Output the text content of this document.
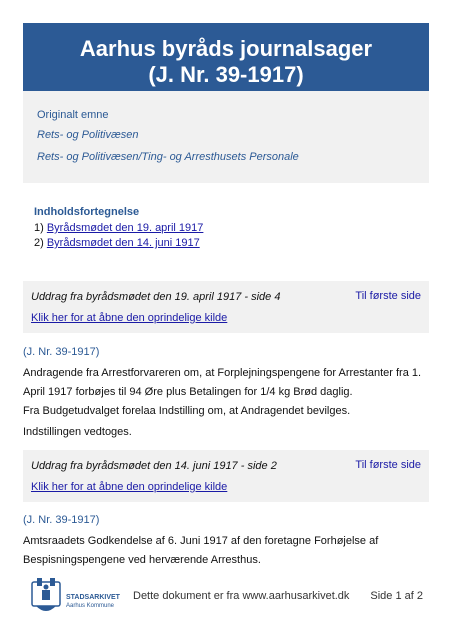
Aarhus byråds journalsager
(J. Nr. 39-1917)
Originalt emne
Rets- og Politivæsen
Rets- og Politivæsen/Ting- og Arresthusets Personale
Indholdsfortegnelse
1) Byrådsmødet den 19. april 1917
2) Byrådsmødet den 14. juni 1917
Uddrag fra byrådsmødet den 19. april 1917 - side 4	Til første side
Klik her for at åbne den oprindelige kilde
(J. Nr. 39-1917)
Andragende fra Arrestforvareren om, at Forplejningspengene for Arrestanter fra 1. April 1917 forbøjes til 94 Øre plus Betalingen for 1/4 kg Brød daglig.
Fra Budgetudvalget forelaa Indstilling om, at Andragendet bevilges.
Indstillingen vedtoges.
Uddrag fra byrådsmødet den 14. juni 1917 - side 2	Til første side
Klik her for at åbne den oprindelige kilde
(J. Nr. 39-1917)
Amtsraadets Godkendelse af 6. Juni 1917 af den foretagne Forhøjelse af Bespisningspengene ved herværende Arresthus.
STADSARKIVET
Aarhus Kommune
Dette dokument er fra www.aarhusarkivet.dk Side 1 af 2
